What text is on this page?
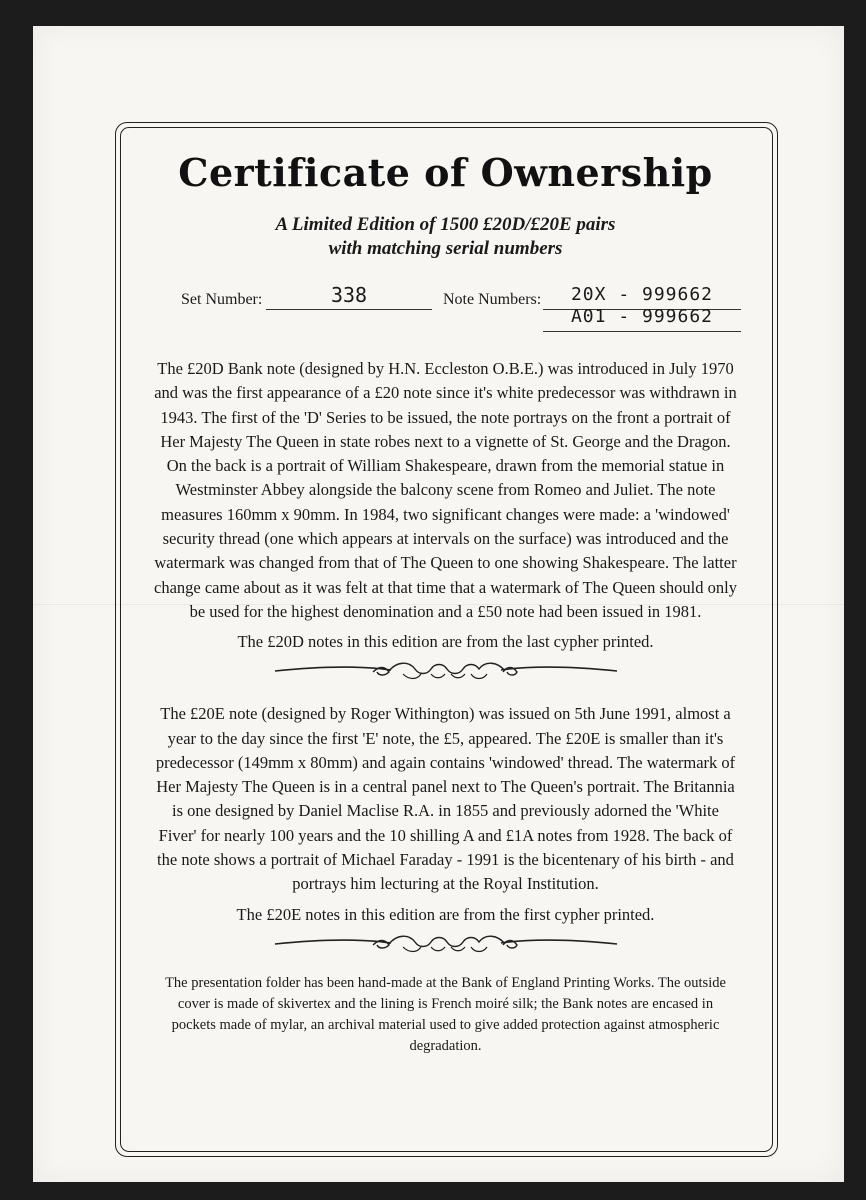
Certificate of Ownership
A Limited Edition of 1500 £20D/£20E pairs
with matching serial numbers
Set Number:	338	Note Numbers:	20X - 999662
A01 - 999662

The £20D Bank note (designed by H.N. Eccleston O.B.E.) was introduced in July 1970 and was the first appearance of a £20 note since it's white predecessor was withdrawn in 1943. The first of the 'D' Series to be issued, the note portrays on the front a portrait of Her Majesty The Queen in state robes next to a vignette of St. George and the Dragon. On the back is a portrait of William Shakespeare, drawn from the memorial statue in Westminster Abbey alongside the balcony scene from Romeo and Juliet. The note measures 160mm x 90mm. In 1984, two significant changes were made: a 'windowed' security thread (one which appears at intervals on the surface) was introduced and the watermark was changed from that of The Queen to one showing Shakespeare. The latter change came about as it was felt at that time that a watermark of The Queen should only be used for the highest denomination and a £50 note had been issued in 1981.

The £20D notes in this edition are from the last cypher printed.

The £20E note (designed by Roger Withington) was issued on 5th June 1991, almost a year to the day since the first 'E' note, the £5, appeared. The £20E is smaller than it's predecessor (149mm x 80mm) and again contains 'windowed' thread. The watermark of Her Majesty The Queen is in a central panel next to The Queen's portrait. The Britannia is one designed by Daniel Maclise R.A. in 1855 and previously adorned the 'White Fiver' for nearly 100 years and the 10 shilling A and £1A notes from 1928. The back of the note shows a portrait of Michael Faraday - 1991 is the bicentenary of his birth - and portrays him lecturing at the Royal Institution.

The £20E notes in this edition are from the first cypher printed.

The presentation folder has been hand-made at the Bank of England Printing Works. The outside cover is made of skivertex and the lining is French moiré silk; the Bank notes are encased in pockets made of mylar, an archival material used to give added protection against atmospheric degradation.
